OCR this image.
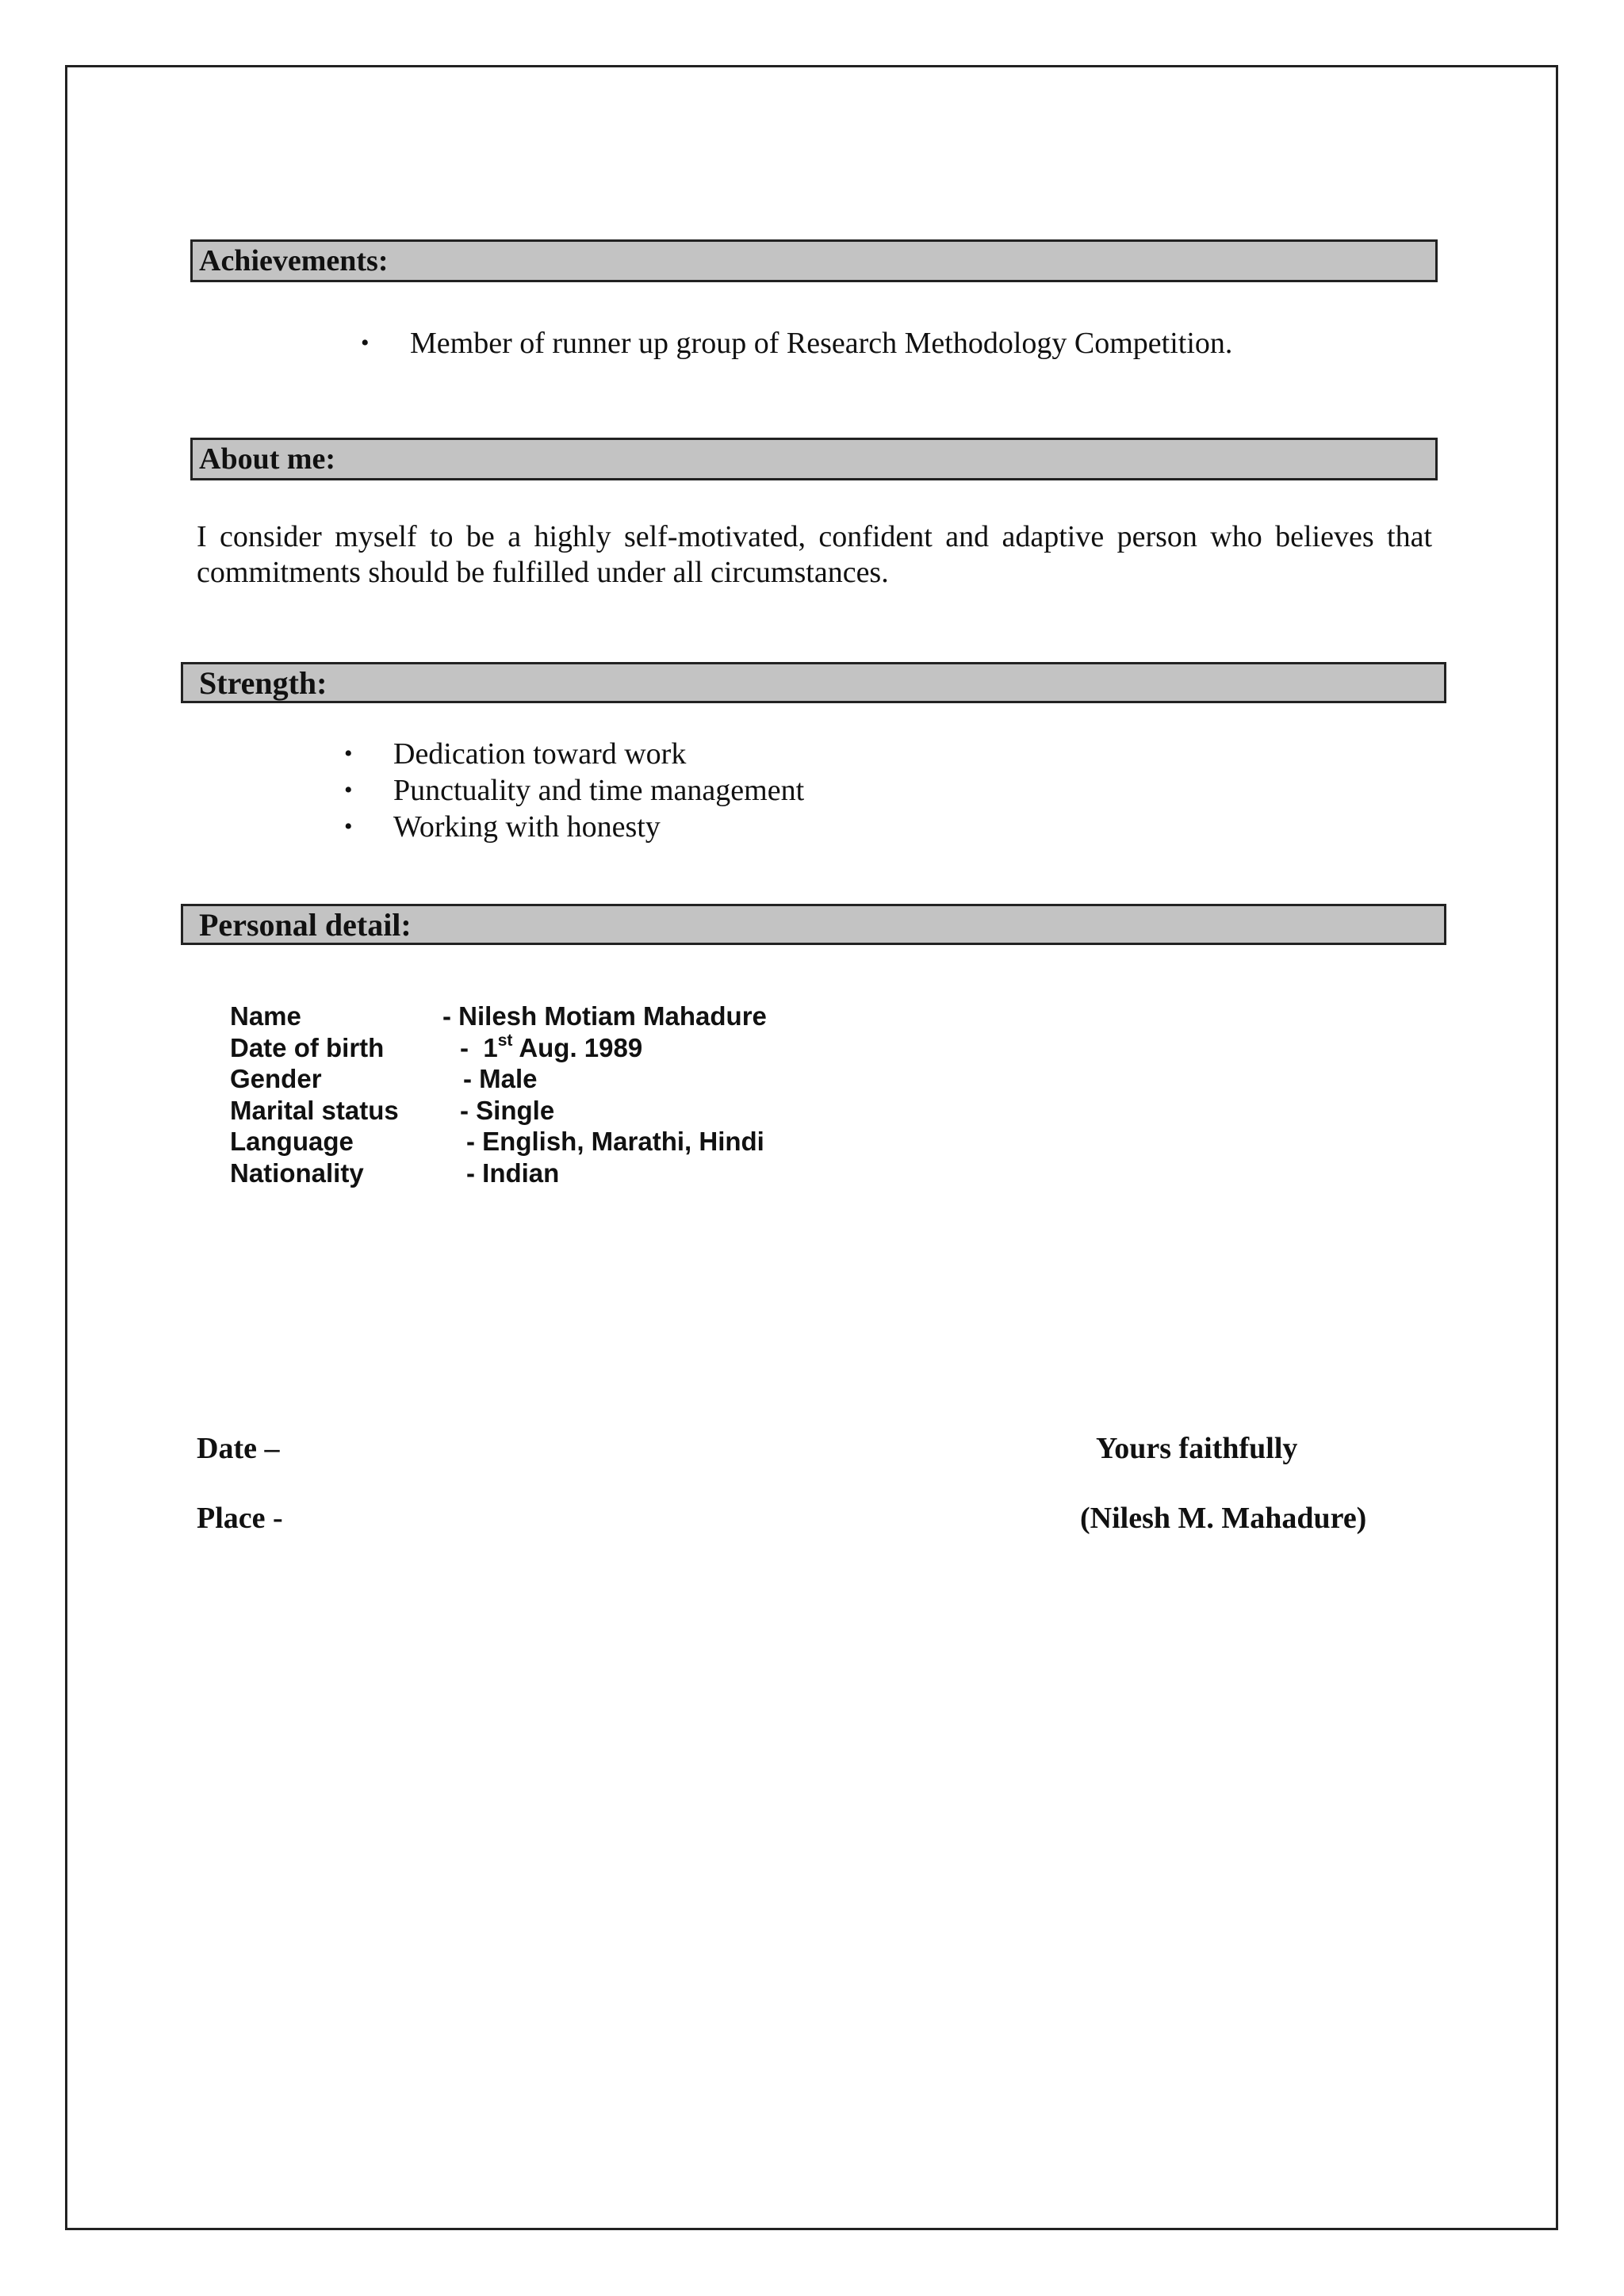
Achievements:
• Member of runner up group of Research Methodology Competition.
About me:
I consider myself to be a highly self-motivated, confident and adaptive person who believes that commitments should be fulfilled under all circumstances.
Strength:
• Dedication toward work
• Punctuality and time management
• Working with honesty
Personal detail:
Name	- Nilesh Motiam Mahadure
Date of birth	-  1st Aug. 1989
Gender	- Male
Marital status - Single
Language	- English, Marathi, Hindi
Nationality	- Indian
Date –
Place -
Yours faithfully
(Nilesh M. Mahadure)
